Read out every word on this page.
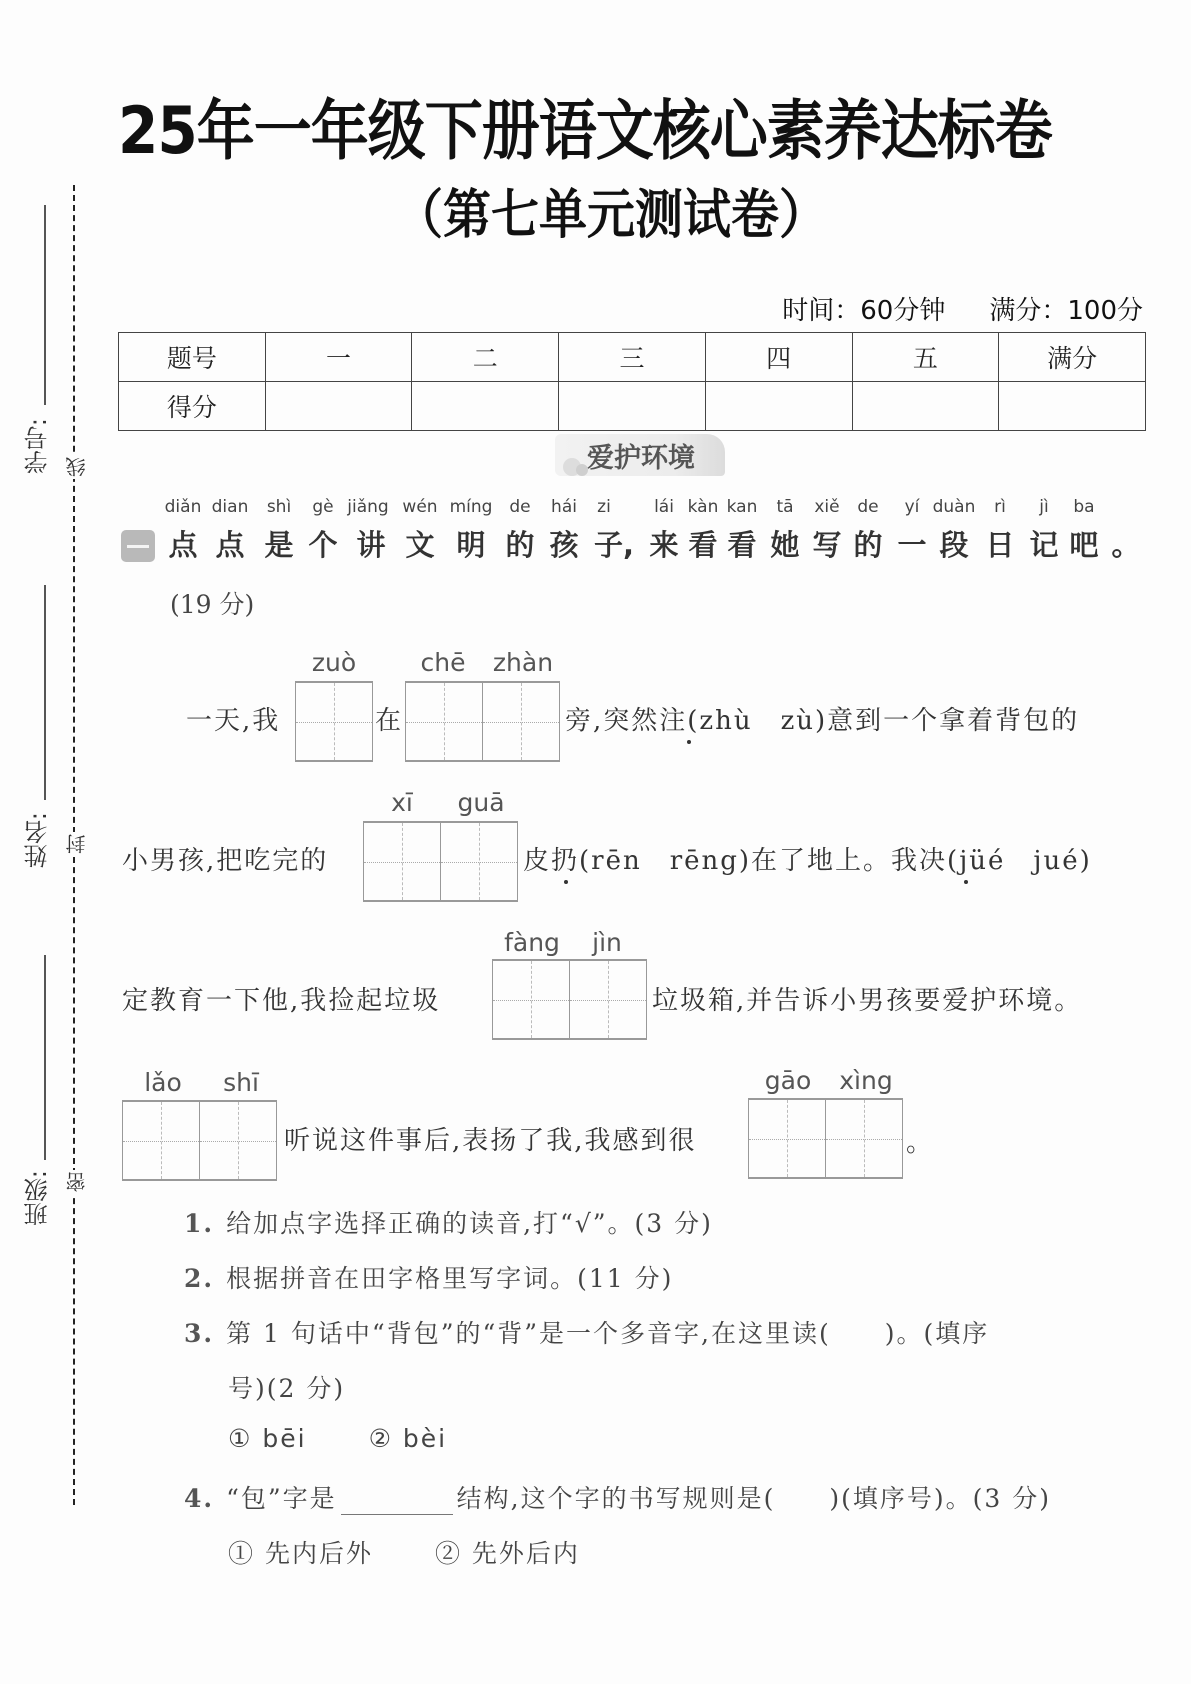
25年一年级下册语文核心素养达标卷
（第七单元测试卷）
学号: 线
姓名: 封
班级: 密
时间：60分钟 满分：100分
题号	一	二	三	四	五	满分
得分						
爱护环境
diǎn dian shì gè jiǎng wén míng de hái zi	lái kàn kan tā xiě de yí duàn rì jì ba
点 点 是 个 讲 文 明 的 孩 子, 来 看 看 她 写 的 一 段 日 记 吧 。
(19 分)
一天,我
zuò
在
chē zhàn
旁,突然注(zhù　zù)意到一个拿着背包的
小男孩,把吃完的
xī guā
皮扔(rēn　rēng)在了地上。我决(jüé　jué)
定教育一下他,我捡起垃圾
fàng jìn
垃圾箱,并告诉小男孩要爱护环境。
lǎo shī
听说这件事后,表扬了我,我感到很
gāo xìng
。
1. 给加点字选择正确的读音,打“√”。(3 分)
2. 根据拼音在田字格里写字词。(11 分)
3. 第 1 句话中“背包”的“背”是一个多音字,在这里读(　　)。(填序
号)(2 分)
① bēi ② bèi
4. “包”字是	结构,这个字的书写规则是(　　)(填序号)。(3 分)
① 先内后外 ② 先外后内
